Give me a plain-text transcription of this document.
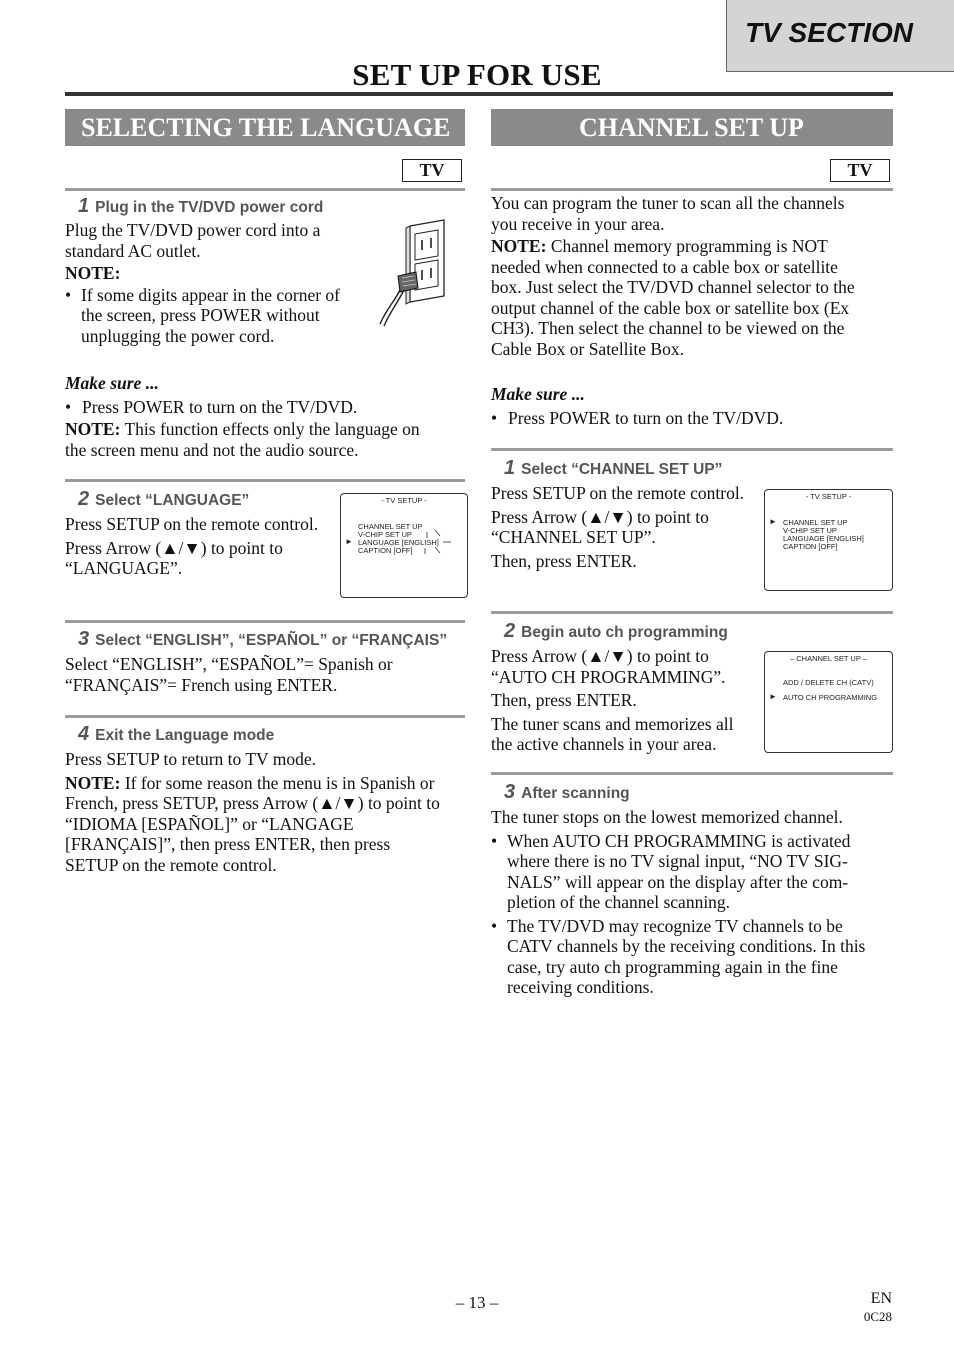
TV SECTION
SET UP FOR USE
SELECTING THE LANGUAGE
TV
1 Plug in the TV/DVD power cord
Plug the TV/DVD power cord into a
standard AC outlet.
NOTE:
• If some digits appear in the corner of
the screen, press POWER without
unplugging the power cord.
Make sure ...
• Press POWER to turn on the TV/DVD.
NOTE: This function effects only the language on
the screen menu and not the audio source.
2 Select “LANGUAGE”
Press SETUP on the remote control.
Press Arrow (▲/▼) to point to
“LANGUAGE”.
- TV SETUP -
CHANNEL SET UP
V-CHIP SET UP
► LANGUAGE [ENGLISH]
CAPTION [OFF]
3 Select “ENGLISH”, “ESPAÑOL” or “FRANÇAIS”
Select “ENGLISH”, “ESPAÑOL”= Spanish or
“FRANÇAIS”= French using ENTER.
4 Exit the Language mode
Press SETUP to return to TV mode.
NOTE: If for some reason the menu is in Spanish or
French, press SETUP, press Arrow (▲/▼) to point to
“IDIOMA [ESPAÑOL]” or “LANGAGE
[FRANÇAIS]”, then press ENTER, then press
SETUP on the remote control.
CHANNEL SET UP
TV
You can program the tuner to scan all the channels
you receive in your area.
NOTE: Channel memory programming is NOT
needed when connected to a cable box or satellite
box. Just select the TV/DVD channel selector to the
output channel of the cable box or satellite box (Ex
CH3). Then select the channel to be viewed on the
Cable Box or Satellite Box.
Make sure ...
• Press POWER to turn on the TV/DVD.
1 Select “CHANNEL SET UP”
Press SETUP on the remote control.
Press Arrow (▲/▼) to point to
“CHANNEL SET UP”.
Then, press ENTER.
- TV SETUP -
► CHANNEL SET UP
V-CHIP SET UP
LANGUAGE [ENGLISH]
CAPTION [OFF]
2 Begin auto ch programming
Press Arrow (▲/▼) to point to
“AUTO CH PROGRAMMING”.
Then, press ENTER.
The tuner scans and memorizes all
the active channels in your area.
– CHANNEL SET UP –
ADD / DELETE CH (CATV)
► AUTO CH PROGRAMMING
3 After scanning
The tuner stops on the lowest memorized channel.
• When AUTO CH PROGRAMMING is activated
where there is no TV signal input, “NO TV SIG-
NALS” will appear on the display after the com-
pletion of the channel scanning.
• The TV/DVD may recognize TV channels to be
CATV channels by the receiving conditions. In this
case, try auto ch programming again in the fine
receiving conditions.
– 13 –	EN
0C28
